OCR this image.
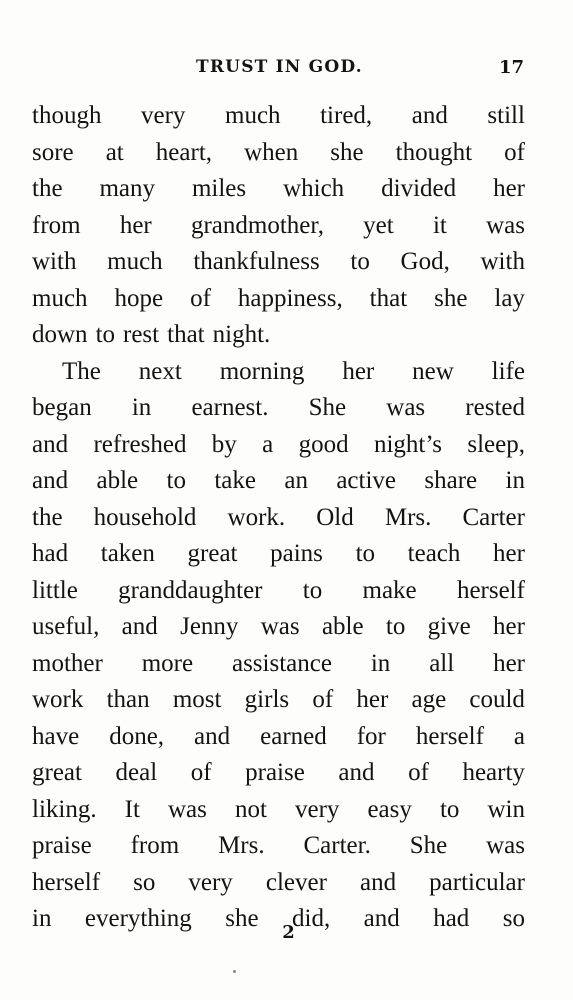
TRUST IN GOD.	17
though very much tired, and still
sore at heart, when she thought of
the many miles which divided her
from her grandmother, yet it was
with much thankfulness to God, with
much hope of happiness, that she lay
down to rest that night.
The next morning her new life
began in earnest. She was rested
and refreshed by a good night’s sleep,
and able to take an active share in
the household work. Old Mrs. Carter
had taken great pains to teach her
little granddaughter to make herself
useful, and Jenny was able to give her
mother more assistance in all her
work than most girls of her age could
have done, and earned for herself a
great deal of praise and of hearty
liking. It was not very easy to win
praise from Mrs. Carter. She was
herself so very clever and particular
in everything she did, and had so
2
